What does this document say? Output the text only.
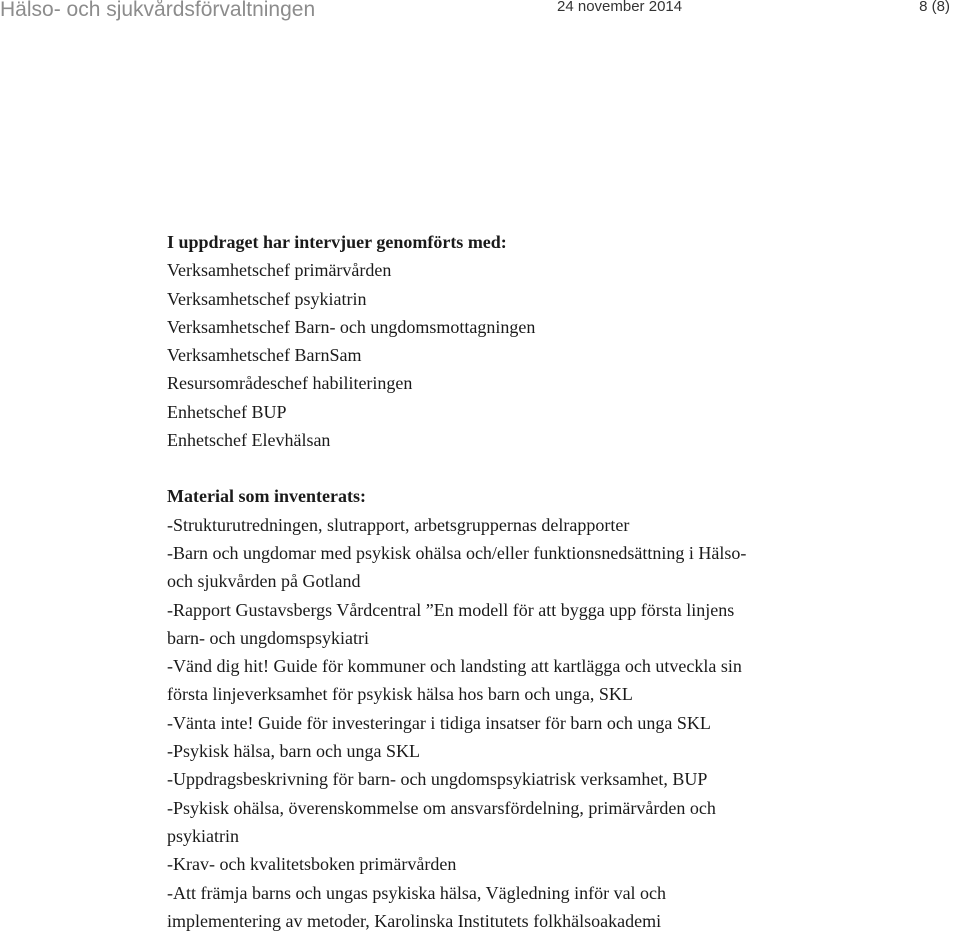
Hälso- och sjukvårdsförvaltningen	24 november 2014	8 (8)

I uppdraget har intervjuer genomförts med:

Verksamhetschef primärvården

Verksamhetschef psykiatrin

Verksamhetschef Barn- och ungdomsmottagningen

Verksamhetschef BarnSam

Resursområdeschef habiliteringen

Enhetschef BUP

Enhetschef Elevhälsan

Material som inventerats:

-Strukturutredningen, slutrapport, arbetsgruppernas delrapporter

-Barn och ungdomar med psykisk ohälsa och/eller funktionsnedsättning i Hälso-

och sjukvården på Gotland

-Rapport Gustavsbergs Vårdcentral ”En modell för att bygga upp första linjens

barn- och ungdomspsykiatri

-Vänd dig hit! Guide för kommuner och landsting att kartlägga och utveckla sin

första linjeverksamhet för psykisk hälsa hos barn och unga, SKL

-Vänta inte! Guide för investeringar i tidiga insatser för barn och unga SKL

-Psykisk hälsa, barn och unga SKL

-Uppdragsbeskrivning för barn- och ungdomspsykiatrisk verksamhet, BUP

-Psykisk ohälsa, överenskommelse om ansvarsfördelning, primärvården och

psykiatrin

-Krav- och kvalitetsboken primärvården

-Att främja barns och ungas psykiska hälsa, Vägledning inför val och

implementering av metoder, Karolinska Institutets folkhälsoakademi
